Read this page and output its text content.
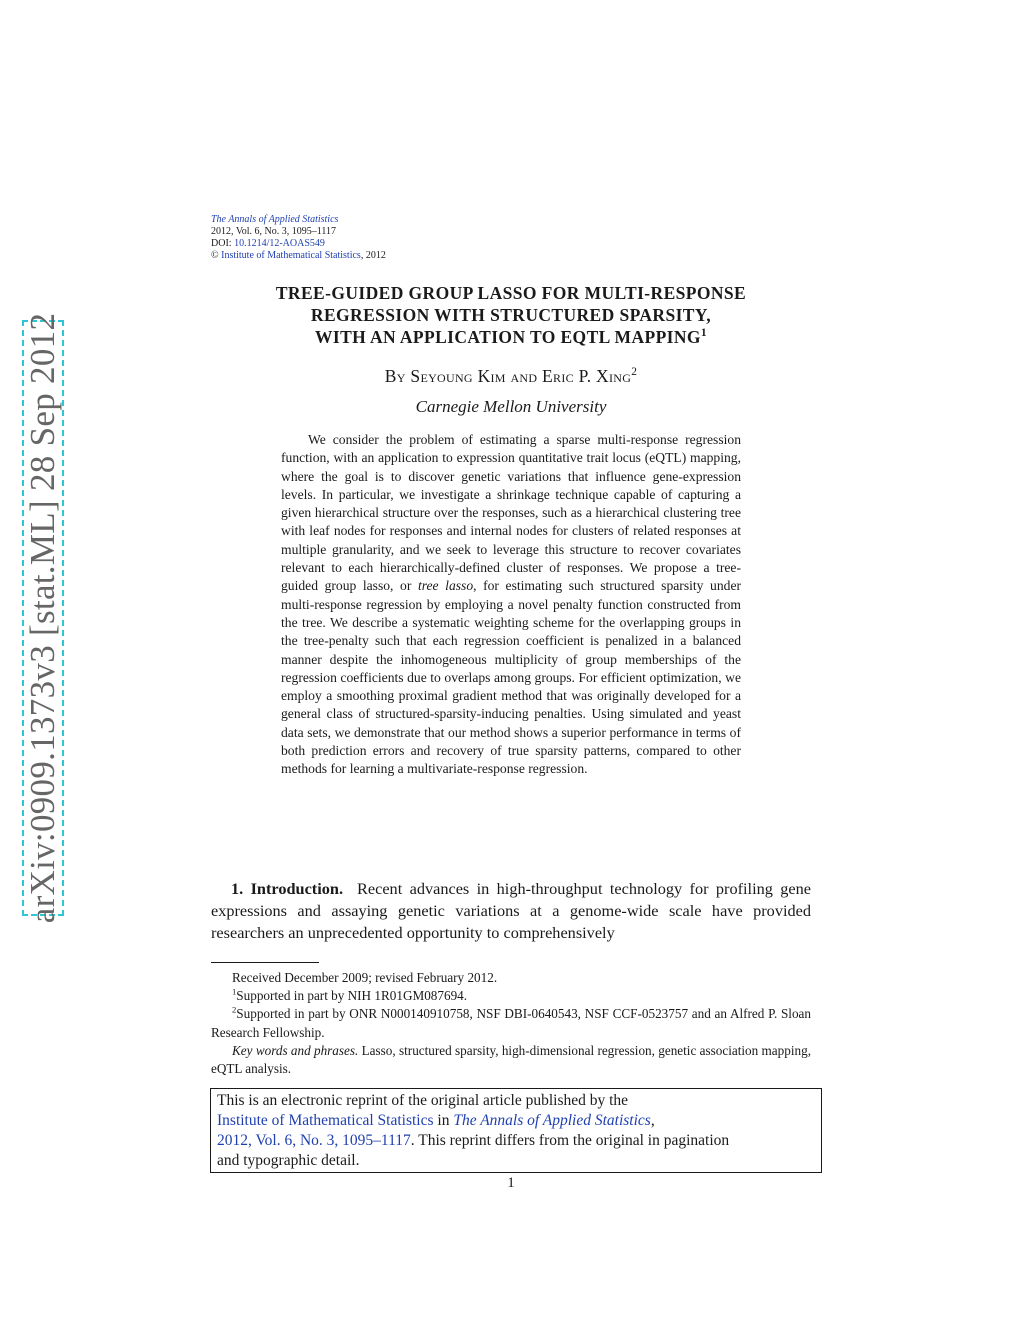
arXiv:0909.1373v3 [stat.ML] 28 Sep 2012
The Annals of Applied Statistics
2012, Vol. 6, No. 3, 1095–1117
DOI: 10.1214/12-AOAS549
© Institute of Mathematical Statistics, 2012
TREE-GUIDED GROUP LASSO FOR MULTI-RESPONSE
REGRESSION WITH STRUCTURED SPARSITY,
WITH AN APPLICATION TO EQTL MAPPING$^1$
By Seyoung Kim and Eric P. Xing$^2$
Carnegie Mellon University
We consider the problem of estimating a sparse multi-response regression function, with an application to expression quantitative trait locus (eQTL) mapping, where the goal is to discover genetic variations that influence gene-expression levels. In particular, we investigate a shrinkage technique capable of capturing a given hierarchical structure over the responses, such as a hierarchical clustering tree with leaf nodes for responses and internal nodes for clusters of related responses at multiple granularity, and we seek to leverage this structure to recover covariates relevant to each hierarchically-defined cluster of responses. We propose a tree-guided group lasso, or tree lasso, for estimating such structured sparsity under multi-response regression by employing a novel penalty function constructed from the tree. We describe a systematic weighting scheme for the overlapping groups in the tree-penalty such that each regression coefficient is penalized in a balanced manner despite the inhomogeneous multiplicity of group memberships of the regression coefficients due to overlaps among groups. For efficient optimization, we employ a smoothing proximal gradient method that was originally developed for a general class of structured-sparsity-inducing penalties. Using simulated and yeast data sets, we demonstrate that our method shows a superior performance in terms of both prediction errors and recovery of true sparsity patterns, compared to other methods for learning a multivariate-response regression.
1. Introduction. Recent advances in high-throughput technology for profiling gene expressions and assaying genetic variations at a genome-wide scale have provided researchers an unprecedented opportunity to comprehensively

Received December 2009; revised February 2012.

$^1$Supported in part by NIH 1R01GM087694.

$^2$Supported in part by ONR N000140910758, NSF DBI-0640543, NSF CCF-0523757 and an Alfred P. Sloan Research Fellowship.

Key words and phrases. Lasso, structured sparsity, high-dimensional regression, genetic association mapping, eQTL analysis.

This is an electronic reprint of the original article published by the
Institute of Mathematical Statistics in The Annals of Applied Statistics,
2012, Vol. 6, No. 3, 1095–1117. This reprint differs from the original in pagination
and typographic detail.
1
